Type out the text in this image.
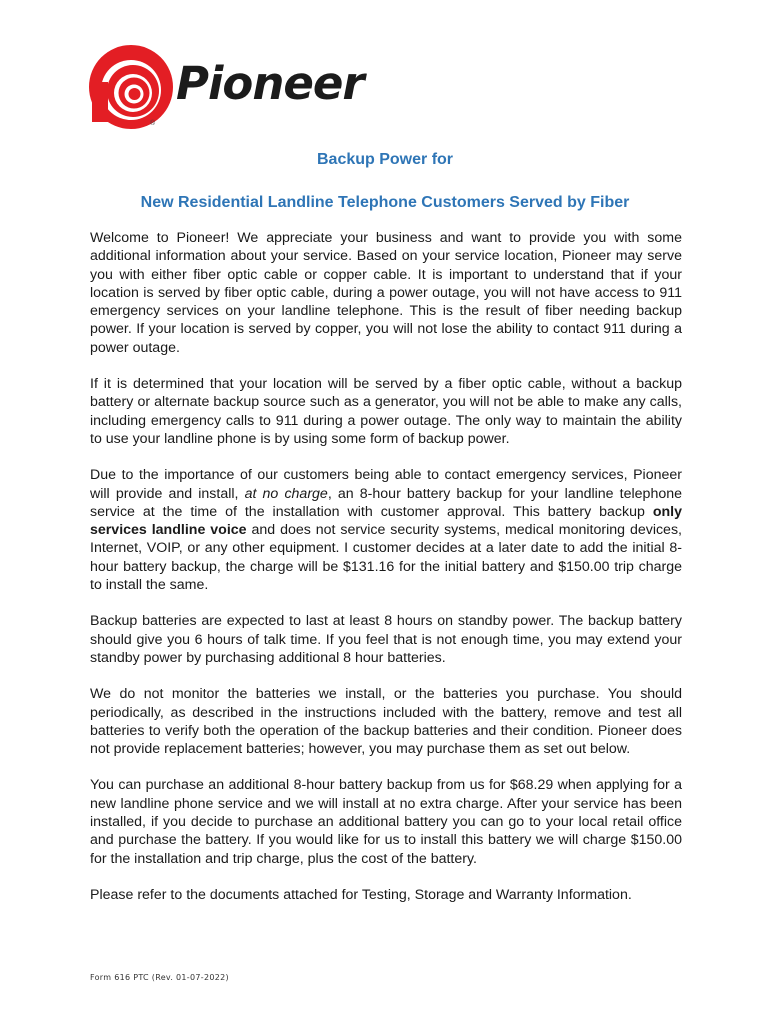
Pioneer
®
Backup Power for
New Residential Landline Telephone Customers Served by Fiber

Welcome to Pioneer! We appreciate your business and want to provide you with some additional information about your service. Based on your service location, Pioneer may serve you with either fiber optic cable or copper cable. It is important to understand that if your location is served by fiber optic cable, during a power outage, you will not have access to 911 emergency services on your landline telephone. This is the result of fiber needing backup power. If your location is served by copper, you will not lose the ability to contact 911 during a power outage.

If it is determined that your location will be served by a fiber optic cable, without a backup battery or alternate backup source such as a generator, you will not be able to make any calls, including emergency calls to 911 during a power outage. The only way to maintain the ability to use your landline phone is by using some form of backup power.

Due to the importance of our customers being able to contact emergency services, Pioneer will provide and install, at no charge, an 8-hour battery backup for your landline telephone service at the time of the installation with customer approval. This battery backup only services landline voice and does not service security systems, medical monitoring devices, Internet, VOIP, or any other equipment. I customer decides at a later date to add the initial 8-hour battery backup, the charge will be $131.16 for the initial battery and $150.00 trip charge to install the same.

Backup batteries are expected to last at least 8 hours on standby power. The backup battery should give you 6 hours of talk time. If you feel that is not enough time, you may extend your standby power by purchasing additional 8 hour batteries.

We do not monitor the batteries we install, or the batteries you purchase. You should periodically, as described in the instructions included with the battery, remove and test all batteries to verify both the operation of the backup batteries and their condition. Pioneer does not provide replacement batteries; however, you may purchase them as set out below.

You can purchase an additional 8-hour battery backup from us for $68.29 when applying for a new landline phone service and we will install at no extra charge. After your service has been installed, if you decide to purchase an additional battery you can go to your local retail office and purchase the battery. If you would like for us to install this battery we will charge $150.00 for the installation and trip charge, plus the cost of the battery.

Please refer to the documents attached for Testing, Storage and Warranty Information.

Form 616 PTC (Rev. 01-07-2022)
